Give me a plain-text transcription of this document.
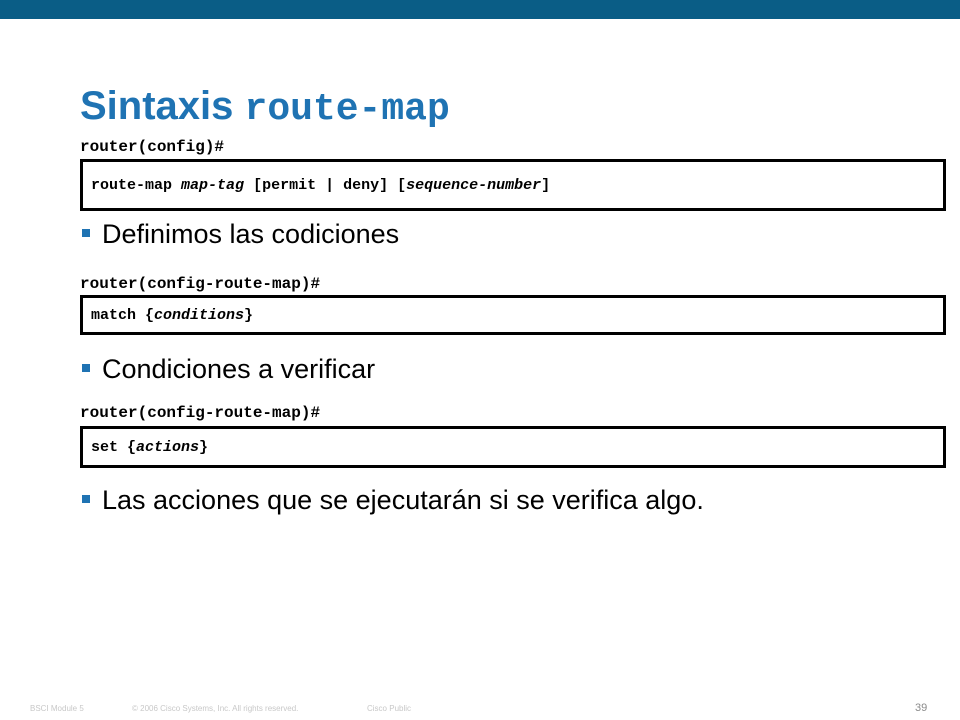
Sintaxis route-map
router(config)#
route-map
map-tag
[permit | deny] [ sequence-number ]
Definimos las codiciones
router(config-route-map)#
match { conditions }
Condiciones a verificar
router(config-route-map)#
set { actions }
Las acciones que se ejecutarán si se verifica algo.
BSCI Module 5	© 2006 Cisco Systems, Inc. All rights reserved.	Cisco Public	39
